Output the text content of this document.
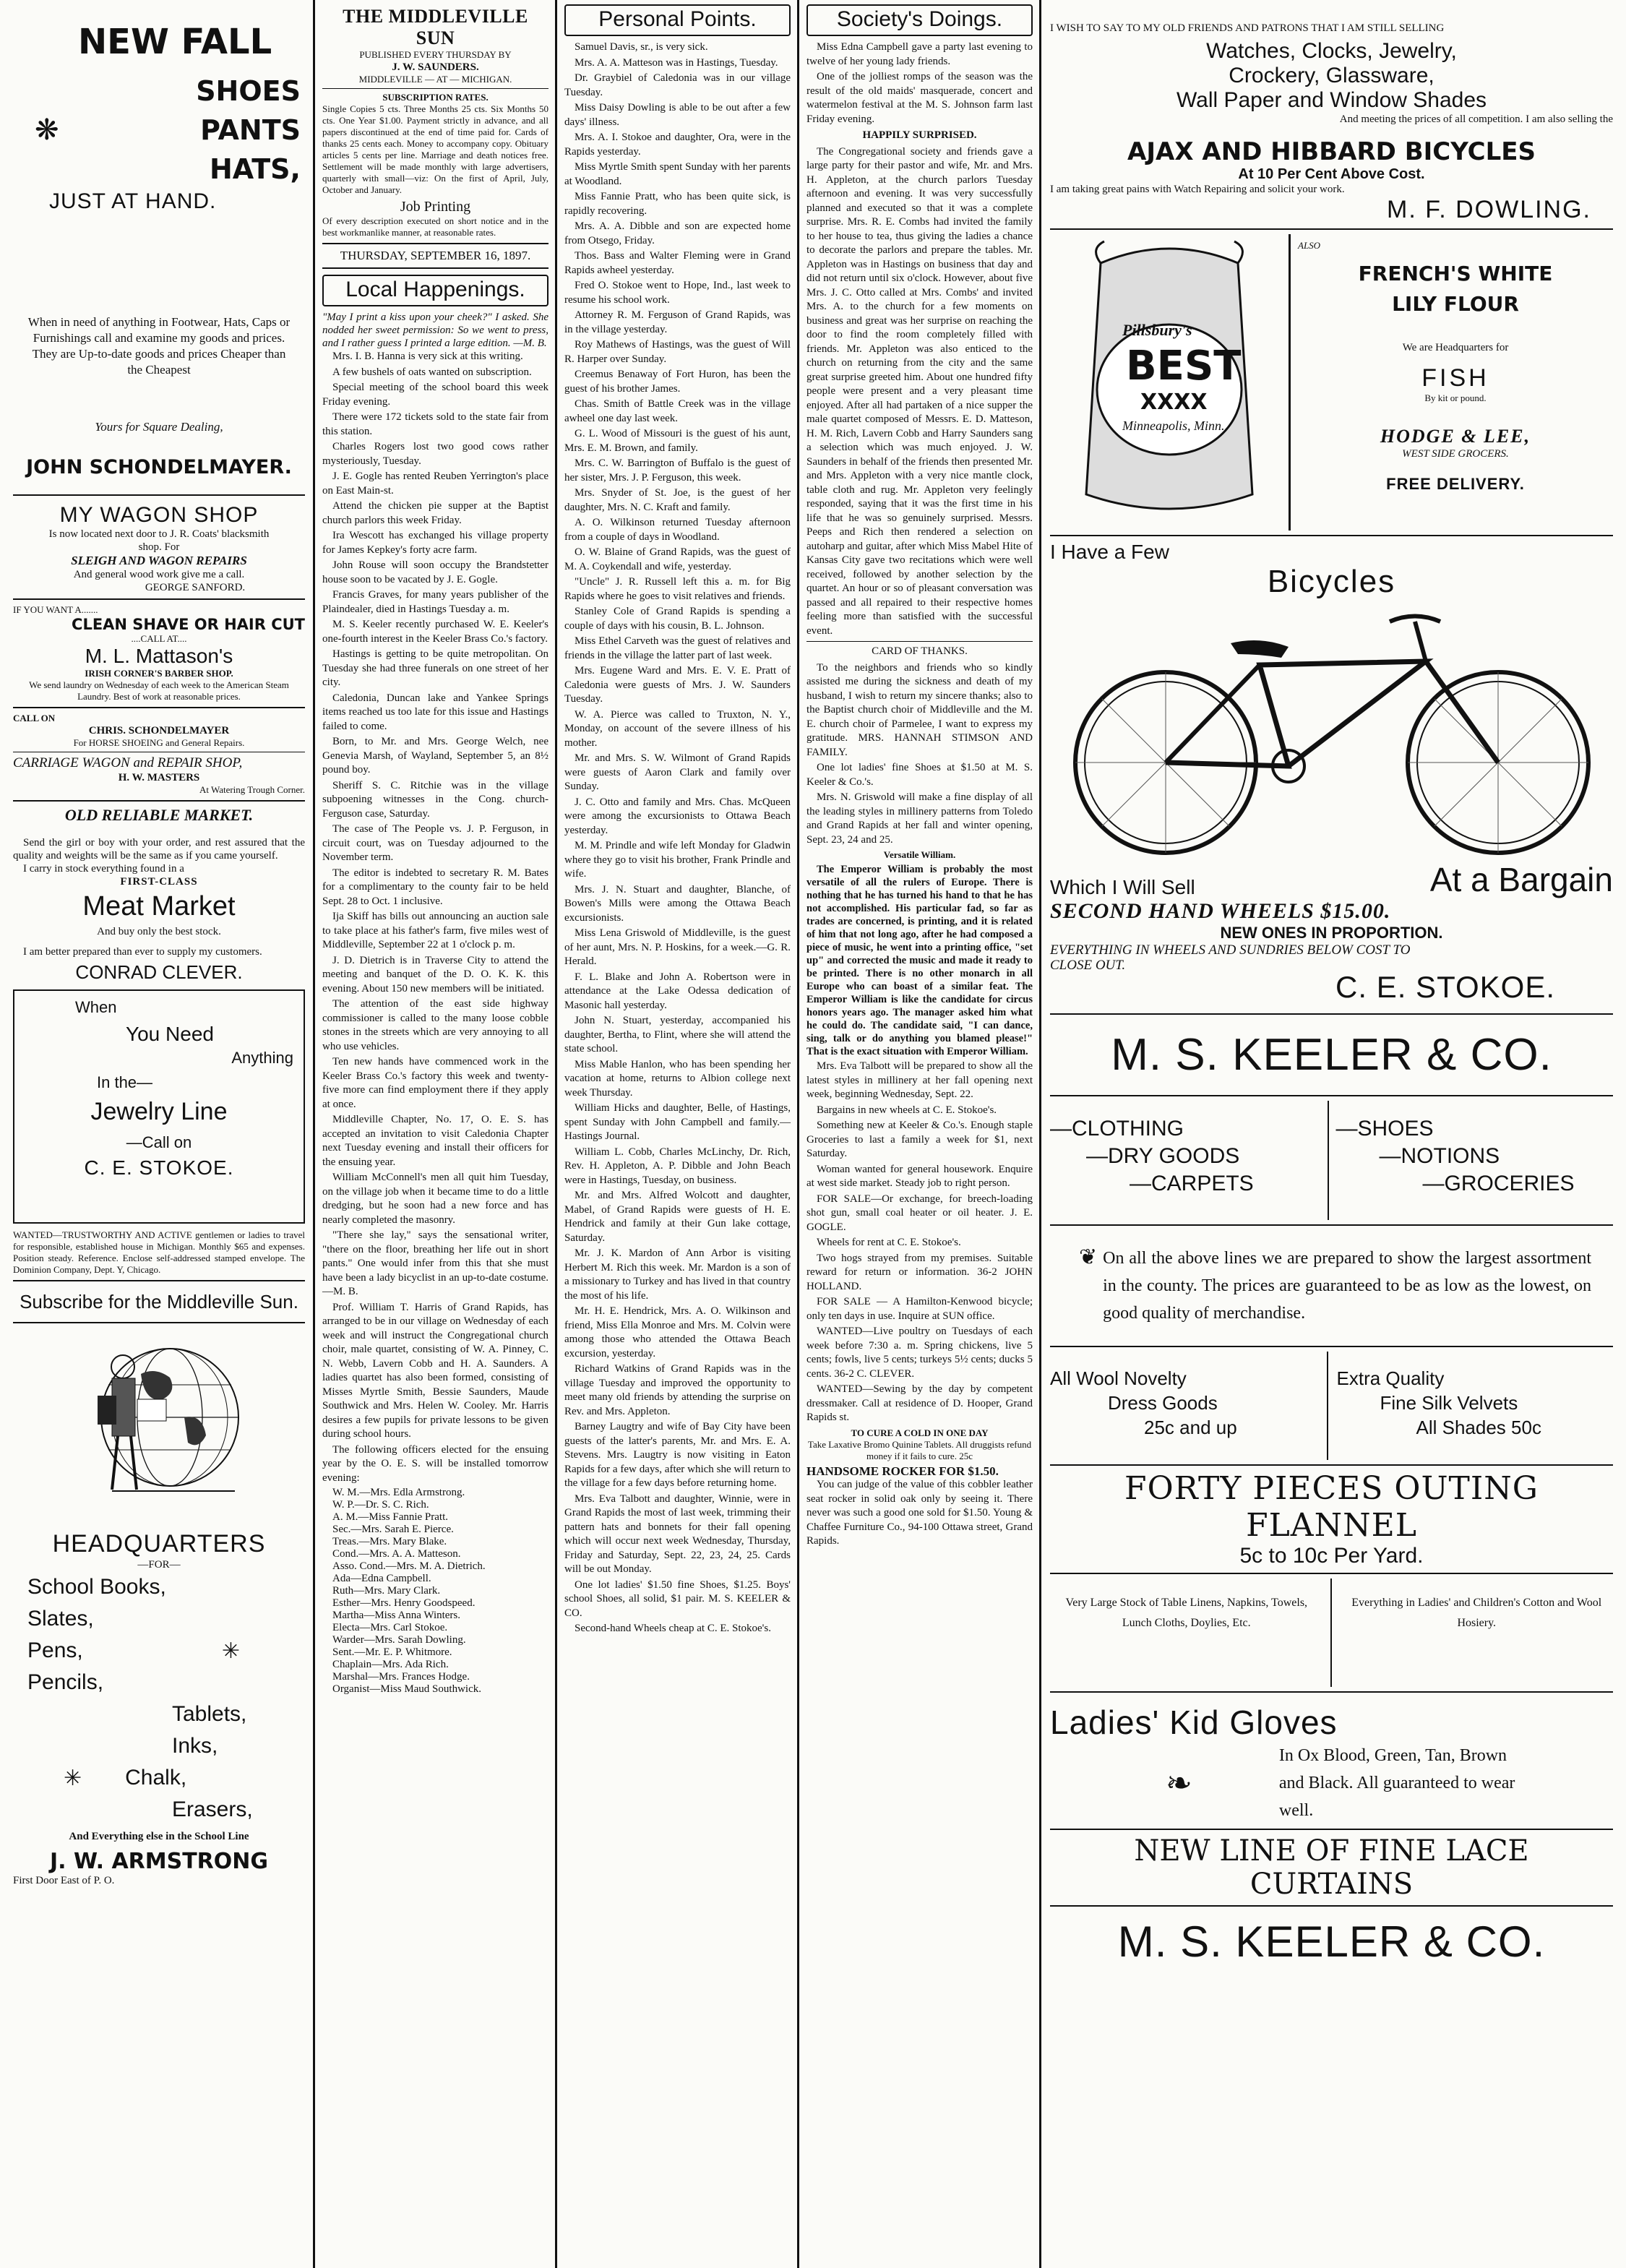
NEW FALL
SHOES
❋	PANTS
HATS,
JUST AT HAND.
When in need of anything in Footwear, Hats, Caps or Furnishings call and examine my goods and prices. They are Up-to-date goods and prices Cheaper than the Cheapest
Yours for Square Dealing,
JOHN SCHONDELMAYER.
MY WAGON SHOP
Is now located next door to J. R. Coats' blacksmith shop. For
SLEIGH AND WAGON REPAIRS
And general wood work give me a call.
GEORGE SANFORD.
IF YOU WANT A.......
CLEAN SHAVE OR HAIR CUT
....CALL AT....
M. L. Mattason's
IRISH CORNER'S BARBER SHOP.
We send laundry on Wednesday of each week to the American Steam Laundry. Best of work at reasonable prices.
CALL ON
CHRIS. SCHONDELMAYER
For HORSE SHOEING and General Repairs.
CARRIAGE WAGON and REPAIR SHOP,
H. W. MASTERS
At Watering Trough Corner.
OLD RELIABLE MARKET.
Send the girl or boy with your order, and rest assured that the quality and weights will be the same as if you came yourself.
I carry in stock everything found in a
FIRST-CLASS
Meat Market
And buy only the best stock.
I am better prepared than ever to supply my customers.
CONRAD CLEVER.
When
You Need
Anything
In the—
Jewelry Line
—Call on
C. E. STOKOE.
WANTED—TRUSTWORTHY AND ACTIVE gentlemen or ladies to travel for responsible, established house in Michigan. Monthly $65 and expenses. Position steady. Reference. Enclose self-addressed stamped envelope. The Dominion Company, Dept. Y, Chicago.
Subscribe for the Middleville Sun.
HEADQUARTERS
—FOR—
School Books,
Slates,
Pens,	✳
Pencils,
Tablets,
Inks,
✳ Chalk,
Erasers,
And Everything else in the School Line
J. W. ARMSTRONG
First Door East of P. O.
THE MIDDLEVILLE SUN
PUBLISHED EVERY THURSDAY BY
J. W. SAUNDERS.
MIDDLEVILLE — AT — MICHIGAN.
SUBSCRIPTION RATES.
Single Copies 5 cts. Three Months 25 cts. Six Months 50 cts. One Year $1.00. Payment strictly in advance, and all papers discontinued at the end of time paid for. Cards of thanks 25 cents each. Money to accompany copy. Obituary articles 5 cents per line. Marriage and death notices free. Settlement will be made monthly with large advertisers, quarterly with small—viz: On the first of April, July, October and January.
Job Printing
Of every description executed on short notice and in the best workmanlike manner, at reasonable rates.
THURSDAY, SEPTEMBER 16, 1897.
Local Happenings.
"May I print a kiss upon your cheek?" I asked. She nodded her sweet permission: So we went to press, and I rather guess I printed a large edition. —M. B.

Mrs. I. B. Hanna is very sick at this writing.

A few bushels of oats wanted on subscription.

Special meeting of the school board this week Friday evening.

There were 172 tickets sold to the state fair from this station.

Charles Rogers lost two good cows rather mysteriously, Tuesday.

J. E. Gogle has rented Reuben Yerrington's place on East Main-st.

Attend the chicken pie supper at the Baptist church parlors this week Friday.

Ira Wescott has exchanged his village property for James Kepkey's forty acre farm.

John Rouse will soon occupy the Brandstetter house soon to be vacated by J. E. Gogle.

Francis Graves, for many years publisher of the Plaindealer, died in Hastings Tuesday a. m.

M. S. Keeler recently purchased W. E. Keeler's one-fourth interest in the Keeler Brass Co.'s factory.

Hastings is getting to be quite metropolitan. On Tuesday she had three funerals on one street of her city.

Caledonia, Duncan lake and Yankee Springs items reached us too late for this issue and Hastings failed to come.

Born, to Mr. and Mrs. George Welch, nee Genevia Marsh, of Wayland, September 5, an 8½ pound boy.

Sheriff S. C. Ritchie was in the village subpoening witnesses in the Cong. church-Ferguson case, Saturday.

The case of The People vs. J. P. Ferguson, in circuit court, was on Tuesday adjourned to the November term.

The editor is indebted to secretary R. M. Bates for a complimentary to the county fair to be held Sept. 28 to Oct. 1 inclusive.

Ija Skiff has bills out announcing an auction sale to take place at his father's farm, five miles west of Middleville, September 22 at 1 o'clock p. m.

J. D. Dietrich is in Traverse City to attend the meeting and banquet of the D. O. K. K. this evening. About 150 new members will be initiated.

The attention of the east side highway commissioner is called to the many loose cobble stones in the streets which are very annoying to all who use vehicles.

Ten new hands have commenced work in the Keeler Brass Co.'s factory this week and twenty-five more can find employment there if they apply at once.

Middleville Chapter, No. 17, O. E. S. has accepted an invitation to visit Caledonia Chapter next Tuesday evening and install their officers for the ensuing year.

William McConnell's men all quit him Tuesday, on the village job when it became time to do a little dredging, but he soon had a new force and has nearly completed the masonry.

"There she lay," says the sensational writer, "there on the floor, breathing her life out in short pants." One would infer from this that she must have been a lady bicyclist in an up-to-date costume.—M. B.

Prof. William T. Harris of Grand Rapids, has arranged to be in our village on Wednesday of each week and will instruct the Congregational church choir, male quartet, consisting of W. A. Pinney, C. N. Webb, Lavern Cobb and H. A. Saunders. A ladies quartet has also been formed, consisting of Misses Myrtle Smith, Bessie Saunders, Maude Southwick and Mrs. Helen W. Cooley. Mr. Harris desires a few pupils for private lessons to be given during school hours.

The following officers elected for the ensuing year by the O. E. S. will be installed tomorrow evening:

W. M.—Mrs. Edla Armstrong.
W. P.—Dr. S. C. Rich.
A. M.—Miss Fannie Pratt.
Sec.—Mrs. Sarah E. Pierce.
Treas.—Mrs. Mary Blake.
Cond.—Mrs. A. A. Matteson.
Asso. Cond.—Mrs. M. A. Dietrich.
Ada—Edna Campbell.
Ruth—Mrs. Mary Clark.
Esther—Mrs. Henry Goodspeed.
Martha—Miss Anna Winters.
Electa—Mrs. Carl Stokoe.
Warder—Mrs. Sarah Dowling.
Sent.—Mr. E. P. Whitmore.
Chaplain—Mrs. Ada Rich.
Marshal—Mrs. Frances Hodge.
Organist—Miss Maud Southwick.
Personal Points.

Samuel Davis, sr., is very sick.

Mrs. A. A. Matteson was in Hastings, Tuesday.

Dr. Graybiel of Caledonia was in our village Tuesday.

Miss Daisy Dowling is able to be out after a few days' illness.

Mrs. A. I. Stokoe and daughter, Ora, were in the Rapids yesterday.

Miss Myrtle Smith spent Sunday with her parents at Woodland.

Miss Fannie Pratt, who has been quite sick, is rapidly recovering.

Mrs. A. A. Dibble and son are expected home from Otsego, Friday.

Thos. Bass and Walter Fleming were in Grand Rapids awheel yesterday.

Fred O. Stokoe went to Hope, Ind., last week to resume his school work.

Attorney R. M. Ferguson of Grand Rapids, was in the village yesterday.

Roy Mathews of Hastings, was the guest of Will R. Harper over Sunday.

Creemus Benaway of Fort Huron, has been the guest of his brother James.

Chas. Smith of Battle Creek was in the village awheel one day last week.

G. L. Wood of Missouri is the guest of his aunt, Mrs. E. M. Brown, and family.

Mrs. C. W. Barrington of Buffalo is the guest of her sister, Mrs. J. P. Ferguson, this week.

Mrs. Snyder of St. Joe, is the guest of her daughter, Mrs. N. C. Kraft and family.

A. O. Wilkinson returned Tuesday afternoon from a couple of days in Woodland.

O. W. Blaine of Grand Rapids, was the guest of M. A. Coykendall and wife, yesterday.

"Uncle" J. R. Russell left this a. m. for Big Rapids where he goes to visit relatives and friends.

Stanley Cole of Grand Rapids is spending a couple of days with his cousin, B. L. Johnson.

Miss Ethel Carveth was the guest of relatives and friends in the village the latter part of last week.

Mrs. Eugene Ward and Mrs. E. V. E. Pratt of Caledonia were guests of Mrs. J. W. Saunders Tuesday.

W. A. Pierce was called to Truxton, N. Y., Monday, on account of the severe illness of his mother.

Mr. and Mrs. S. W. Wilmont of Grand Rapids were guests of Aaron Clark and family over Sunday.

J. C. Otto and family and Mrs. Chas. McQueen were among the excursionists to Ottawa Beach yesterday.

M. M. Prindle and wife left Monday for Gladwin where they go to visit his brother, Frank Prindle and wife.

Mrs. J. N. Stuart and daughter, Blanche, of Bowen's Mills were among the Ottawa Beach excursionists.

Miss Lena Griswold of Middleville, is the guest of her aunt, Mrs. N. P. Hoskins, for a week.—G. R. Herald.

F. L. Blake and John A. Robertson were in attendance at the Lake Odessa dedication of Masonic hall yesterday.

John N. Stuart, yesterday, accompanied his daughter, Bertha, to Flint, where she will attend the state school.

Miss Mable Hanlon, who has been spending her vacation at home, returns to Albion college next week Thursday.

William Hicks and daughter, Belle, of Hastings, spent Sunday with John Campbell and family.—Hastings Journal.

William L. Cobb, Charles McLinchy, Dr. Rich, Rev. H. Appleton, A. P. Dibble and John Beach were in Hastings, Tuesday, on business.

Mr. and Mrs. Alfred Wolcott and daughter, Mabel, of Grand Rapids were guests of H. E. Hendrick and family at their Gun lake cottage, Saturday.

Mr. J. K. Mardon of Ann Arbor is visiting Herbert M. Rich this week. Mr. Mardon is a son of a missionary to Turkey and has lived in that country the most of his life.

Mr. H. E. Hendrick, Mrs. A. O. Wilkinson and friend, Miss Ella Monroe and Mrs. M. Colvin were among those who attended the Ottawa Beach excursion, yesterday.

Richard Watkins of Grand Rapids was in the village Tuesday and improved the opportunity to meet many old friends by attending the surprise on Rev. and Mrs. Appleton.

Barney Laugtry and wife of Bay City have been guests of the latter's parents, Mr. and Mrs. E. A. Stevens. Mrs. Laugtry is now visiting in Eaton Rapids for a few days, after which she will return to the village for a few days before returning home.

Mrs. Eva Talbott and daughter, Winnie, were in Grand Rapids the most of last week, trimming their pattern hats and bonnets for their fall opening which will occur next week Wednesday, Thursday, Friday and Saturday, Sept. 22, 23, 24, 25. Cards will be out Monday.

One lot ladies' $1.50 fine Shoes, $1.25. Boys' school Shoes, all solid, $1 pair. M. S. KEELER & CO.

Second-hand Wheels cheap at C. E. Stokoe's.

Society's Doings.

Miss Edna Campbell gave a party last evening to twelve of her young lady friends.

One of the jolliest romps of the season was the result of the old maids' masquerade, concert and watermelon festival at the M. S. Johnson farm last Friday evening.

HAPPILY SURPRISED.

The Congregational society and friends gave a large party for their pastor and wife, Mr. and Mrs. H. Appleton, at the church parlors Tuesday afternoon and evening. It was very successfully planned and executed so that it was a complete surprise. Mrs. R. E. Combs had invited the family to her house to tea, thus giving the ladies a chance to decorate the parlors and prepare the tables. Mr. Appleton was in Hastings on business that day and did not return until six o'clock. However, about five Mrs. J. C. Otto called at Mrs. Combs' and invited Mrs. A. to the church for a few moments on business and great was her surprise on reaching the door to find the room completely filled with friends. Mr. Appleton was also enticed to the church on returning from the city and the same great surprise greeted him. About one hundred fifty people were present and a very pleasant time enjoyed. After all had partaken of a nice supper the male quartet composed of Messrs. E. D. Matteson, H. M. Rich, Lavern Cobb and Harry Saunders sang a selection which was much enjoyed. J. W. Saunders in behalf of the friends then presented Mr. and Mrs. Appleton with a very nice mantle clock, table cloth and rug. Mr. Appleton very feelingly responded, saying that it was the first time in his life that he was so genuinely surprised. Messrs. Peeps and Rich then rendered a selection on autoharp and guitar, after which Miss Mabel Hite of Kansas City gave two recitations which were well received, followed by another selection by the quartet. An hour or so of pleasant conversation was passed and all repaired to their respective homes feeling more than satisfied with the successful event.

CARD OF THANKS.

To the neighbors and friends who so kindly assisted me during the sickness and death of my husband, I wish to return my sincere thanks; also to the Baptist church choir of Middleville and the M. E. church choir of Parmelee, I want to express my gratitude. MRS. HANNAH STIMSON AND FAMILY.

One lot ladies' fine Shoes at $1.50 at M. S. Keeler & Co.'s.

Mrs. N. Griswold will make a fine display of all the leading styles in millinery patterns from Toledo and Grand Rapids at her fall and winter opening, Sept. 23, 24 and 25.

Versatile William.

The Emperor William is probably the most versatile of all the rulers of Europe. There is nothing that he has turned his hand to that he has not accomplished. His particular fad, so far as trades are concerned, is printing, and it is related of him that not long ago, after he had composed a piece of music, he went into a printing office, "set up" and corrected the music and made it ready to be printed. There is no other monarch in all Europe who can boast of a similar feat. The Emperor William is like the candidate for circus honors years ago. The manager asked him what he could do. The candidate said, "I can dance, sing, talk or do anything you blamed please!" That is the exact situation with Emperor William.

Mrs. Eva Talbott will be prepared to show all the latest styles in millinery at her fall opening next week, beginning Wednesday, Sept. 22.

Bargains in new wheels at C. E. Stokoe's.

Something new at Keeler & Co.'s. Enough staple Groceries to last a family a week for $1, next Saturday.

Woman wanted for general housework. Enquire at west side market. Steady job to right person.

FOR SALE—Or exchange, for breech-loading shot gun, small coal heater or oil heater. J. E. GOGLE.

Wheels for rent at C. E. Stokoe's.

Two hogs strayed from my premises. Suitable reward for return or information. 36-2 JOHN HOLLAND.

FOR SALE — A Hamilton-Kenwood bicycle; only ten days in use. Inquire at SUN office.

WANTED—Live poultry on Tuesdays of each week before 7:30 a. m. Spring chickens, live 5 cents; fowls, live 5 cents; turkeys 5½ cents; ducks 5 cents. 36-2 C. CLEVER.

WANTED—Sewing by the day by competent dressmaker. Call at residence of D. Hooper, Grand Rapids st.

TO CURE A COLD IN ONE DAY
Take Laxative Bromo Quinine Tablets. All druggists refund money if it fails to cure. 25c
HANDSOME ROCKER FOR $1.50.

You can judge of the value of this cobbler leather seat rocker in solid oak only by seeing it. There never was such a good one sold for $1.50. Young & Chaffee Furniture Co., 94-100 Ottawa street, Grand Rapids.

I WISH TO SAY TO MY OLD FRIENDS AND PATRONS THAT I AM STILL SELLING
Watches, Clocks, Jewelry,
Crockery, Glassware,
Wall Paper and Window Shades
And meeting the prices of all competition. I am also selling the
AJAX AND HIBBARD BICYCLES
At 10 Per Cent Above Cost.
I am taking great pains with Watch Repairing and solicit your work.
M. F. DOWLING.
Pillsbury's
BEST
XXXX
Minneapolis, Minn.
ALSO
FRENCH'S WHITE LILY FLOUR
We are Headquarters for
FISH
By kit or pound.
HODGE & LEE,
WEST SIDE GROCERS.
FREE DELIVERY.
I Have a Few
Bicycles
Which I Will Sell	At a Bargain
SECOND HAND WHEELS $15.00.
NEW ONES IN PROPORTION.
EVERYTHING IN WHEELS AND SUNDRIES BELOW COST TO CLOSE OUT.
C. E. STOKOE.
M. S. KEELER & CO.
—CLOTHING
—DRY GOODS
—CARPETS
—SHOES
—NOTIONS
—GROCERIES
❦ On all the above lines we are prepared to show the largest assortment in the county. The prices are guaranteed to be as low as the lowest, on good quality of merchandise.
All Wool Novelty
Dress Goods
25c and up
Extra Quality
Fine Silk Velvets
All Shades 50c
FORTY PIECES OUTING FLANNEL
5c to 10c Per Yard.
Very Large Stock of Table Linens, Napkins, Towels, Lunch Cloths, Doylies, Etc.
Everything in Ladies' and Children's Cotton and Wool Hosiery.
Ladies' Kid Gloves
❧
In Ox Blood, Green, Tan, Brown and Black. All guaranteed to wear well.
NEW LINE OF FINE LACE CURTAINS
M. S. KEELER & CO.
